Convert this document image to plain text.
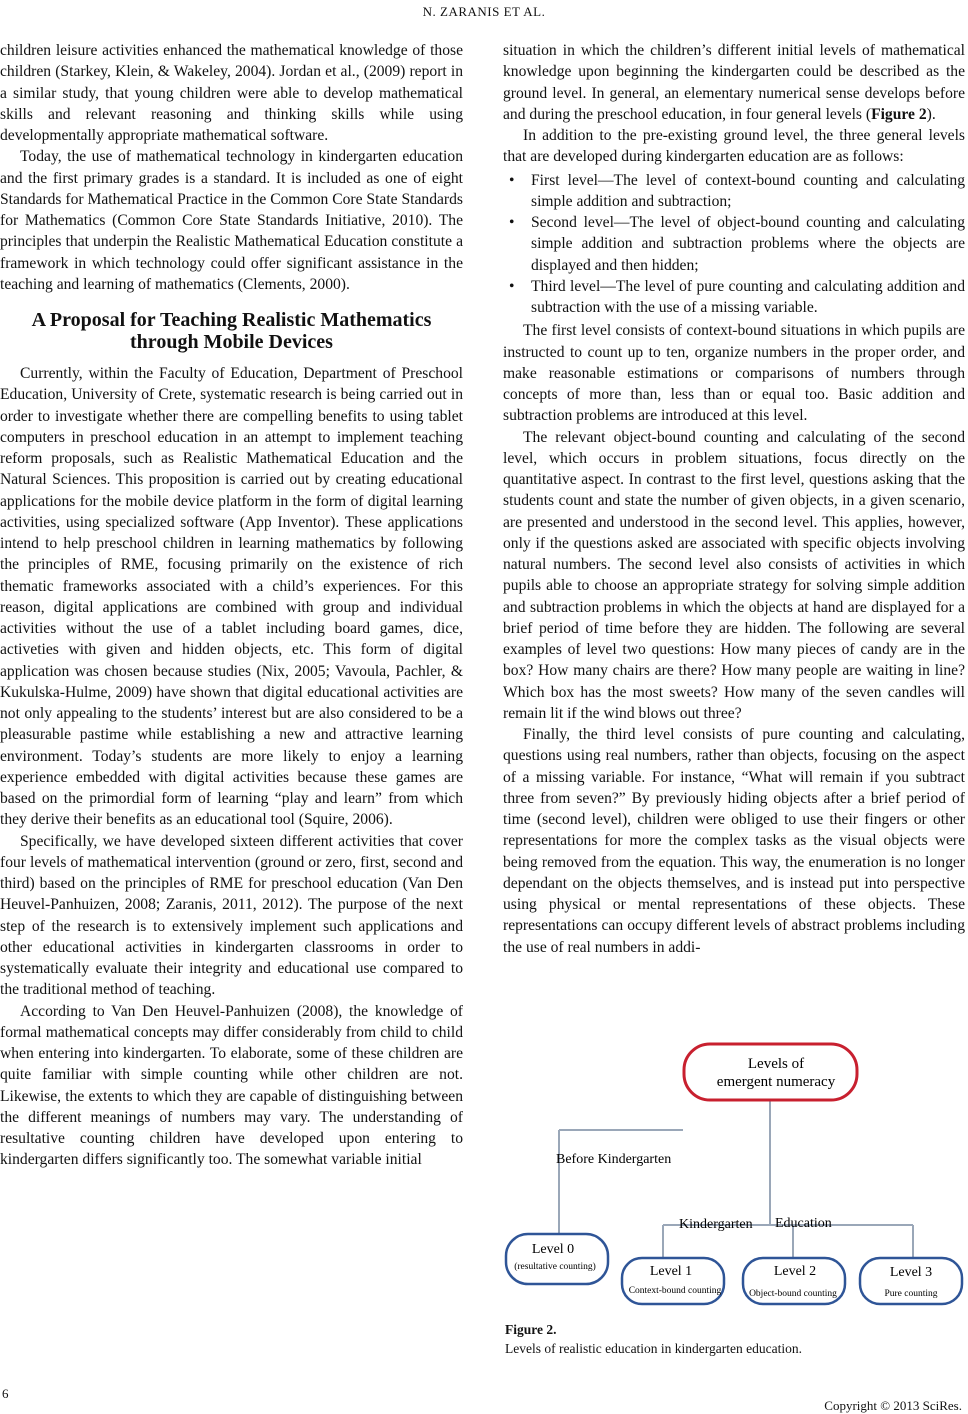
N. ZARANIS ET AL.

children leisure activities enhanced the mathematical knowledge of those children (Starkey, Klein, & Wakeley, 2004). Jordan et al., (2009) report in a similar study, that young children were able to develop mathematical skills and relevant reasoning and thinking skills while using developmentally appropriate mathematical software.

Today, the use of mathematical technology in kindergarten education and the first primary grades is a standard. It is included as one of eight Standards for Mathematical Practice in the Common Core State Standards for Mathematics (Common Core State Standards Initiative, 2010). The principles that underpin the Realistic Mathematical Education constitute a framework in which technology could offer significant assistance in the teaching and learning of mathematics (Clements, 2000).

A Proposal for Teaching Realistic Mathematics through Mobile Devices

Currently, within the Faculty of Education, Department of Preschool Education, University of Crete, systematic research is being carried out in order to investigate whether there are compelling benefits to using tablet computers in preschool education in an attempt to implement teaching reform proposals, such as Realistic Mathematical Education and the Natural Sciences. This proposition is carried out by creating educational applications for the mobile device platform in the form of digital learning activities, using specialized software (App Inventor). These applications intend to help preschool children in learning mathematics by following the principles of RME, focusing primarily on the existence of rich thematic frameworks associated with a child’s experiences. For this reason, digital applications are combined with group and individual activities without the use of a tablet including board games, dice, activeties with given and hidden objects, etc. This form of digital application was chosen because studies (Nix, 2005; Vavoula, Pachler, & Kukulska-Hulme, 2009) have shown that digital educational activities are not only appealing to the students’ interest but are also considered to be a pleasurable pastime while establishing a new and attractive learning environment. Today’s students are more likely to enjoy a learning experience embedded with digital activities because these games are based on the primordial form of learning “play and learn” from which they derive their benefits as an educational tool (Squire, 2006).

Specifically, we have developed sixteen different activities that cover four levels of mathematical intervention (ground or zero, first, second and third) based on the principles of RME for preschool education (Van Den Heuvel-Panhuizen, 2008; Zaranis, 2011, 2012). The purpose of the next step of the research is to extensively implement such applications and other educational activities in kindergarten classrooms in order to systematically evaluate their integrity and educational use compared to the traditional method of teaching.

According to Van Den Heuvel-Panhuizen (2008), the knowledge of formal mathematical concepts may differ considerably from child to child when entering into kindergarten. To elaborate, some of these children are quite familiar with simple counting while other children are not. Likewise, the extents to which they are capable of distinguishing between the different meanings of numbers may vary. The understanding of resultative counting children have developed upon entering to kindergarten differs significantly too. The somewhat variable initial

situation in which the children’s different initial levels of mathematical knowledge upon beginning the kindergarten could be described as the ground level. In general, an elementary numerical sense develops before and during the preschool education, in four general levels (Figure 2).

In addition to the pre-existing ground level, the three general levels that are developed during kindergarten education are as follows:

• First level—The level of context-bound counting and calculating simple addition and subtraction;
• Second level—The level of object-bound counting and calculating simple addition and subtraction problems where the objects are displayed and then hidden;
• Third level—The level of pure counting and calculating addition and subtraction with the use of a missing variable.

The first level consists of context-bound situations in which pupils are instructed to count up to ten, organize numbers in the proper order, and make reasonable estimations or comparisons of numbers through concepts of more than, less than or equal too. Basic addition and subtraction problems are introduced at this level.

The relevant object-bound counting and calculating of the second level, which occurs in problem situations, focus directly on the quantitative aspect. In contrast to the first level, questions asking that the students count and state the number of given objects, in a given scenario, are presented and understood in the second level. This applies, however, only if the questions asked are associated with specific objects involving natural numbers. The second level also consists of activities in which pupils able to choose an appropriate strategy for solving simple addition and subtraction problems in which the objects at hand are displayed for a brief period of time before they are hidden. The following are several examples of level two questions: How many pieces of candy are in the box? How many chairs are there? How many people are waiting in line? Which box has the most sweets? How many of the seven candles will remain lit if the wind blows out three?

Finally, the third level consists of pure counting and calculating, questions using real numbers, rather than objects, focusing on the aspect of a missing variable. For instance, “What will remain if you subtract three from seven?” By previously hiding objects after a brief period of time (second level), children were obliged to use their fingers or other representations for more the complex tasks as the visual objects were being removed from the equation. This way, the enumeration is no longer dependant on the objects themselves, and is instead put into perspective using physical or mental representations of these objects. These representations can occupy different levels of abstract problems including the use of real numbers in addi-

Levels of
emergent numeracy
Before Kindergarten
Kindergarten Education
Level 0
(resultative counting)	Level 1
Context-bound counting
Level 2
Object-bound counting
Level 3
Pure counting
Figure 2.
Levels of realistic education in kindergarten education.
6
Copyright © 2013 SciRes.
